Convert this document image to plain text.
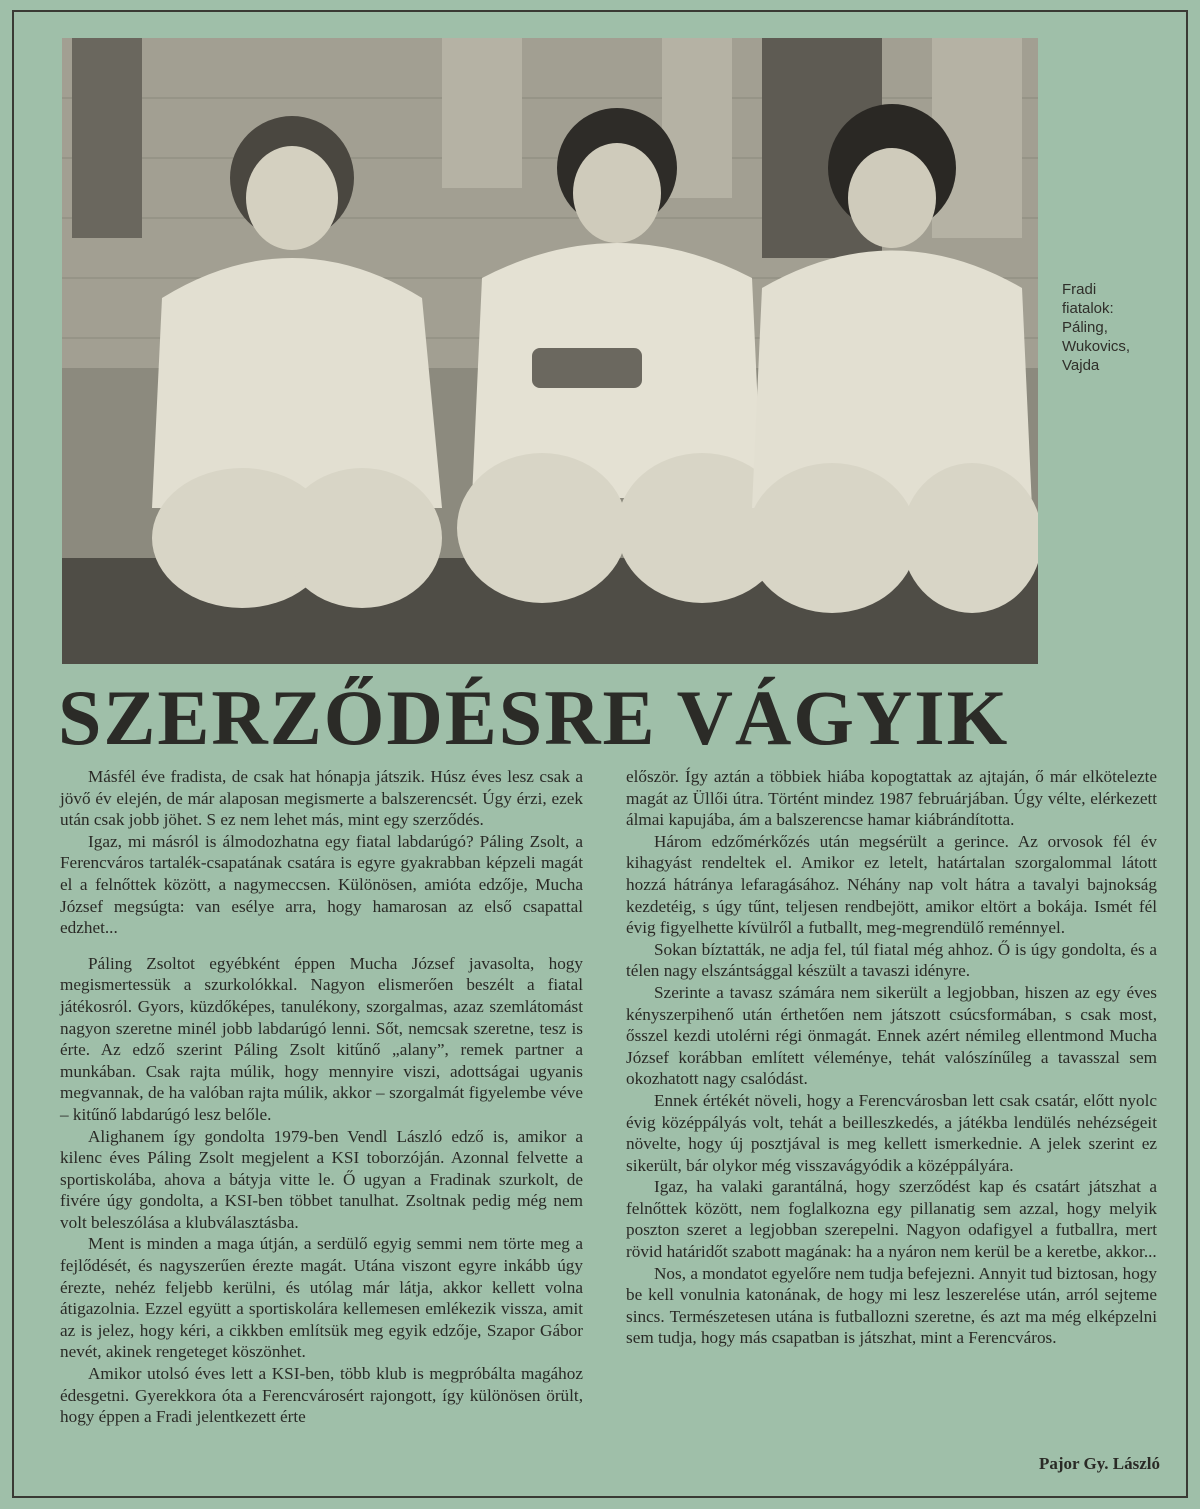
Fradi
fiatalok:
Páling,
Wukovics,
Vajda
SZERZŐDÉSRE VÁGYIK

Másfél éve fradista, de csak hat hónapja játszik. Húsz éves lesz csak a jövő év elején, de már alaposan megismerte a balszerencsét. Úgy érzi, ezek után csak jobb jöhet. S ez nem lehet más, mint egy szerződés.

Igaz, mi másról is álmodozhatna egy fiatal labdarúgó? Páling Zsolt, a Ferencváros tartalék-csapatának csatára is egyre gyakrabban képzeli magát el a felnőttek között, a nagymeccsen. Különösen, amióta edzője, Mucha József megsúgta: van esélye arra, hogy hamarosan az első csapattal edzhet...

Páling Zsoltot egyébként éppen Mucha József javasolta, hogy megismertessük a szurkolókkal. Nagyon elismerően beszélt a fiatal játékosról. Gyors, küzdőképes, tanulékony, szorgalmas, azaz szemlátomást nagyon szeretne minél jobb labdarúgó lenni. Sőt, nemcsak szeretne, tesz is érte. Az edző szerint Páling Zsolt kitűnő „alany”, remek partner a munkában. Csak rajta múlik, hogy mennyire viszi, adottságai ugyanis megvannak, de ha valóban rajta múlik, akkor – szorgalmát figyelembe véve – kitűnő labdarúgó lesz belőle.

Alighanem így gondolta 1979-ben Vendl László edző is, amikor a kilenc éves Páling Zsolt megjelent a KSI toborzóján. Azonnal felvette a sportiskolába, ahova a bátyja vitte le. Ő ugyan a Fradinak szurkolt, de fivére úgy gondolta, a KSI-ben többet tanulhat. Zsoltnak pedig még nem volt beleszólása a klubválasztásba.

Ment is minden a maga útján, a serdülő egyig semmi nem törte meg a fejlődését, és nagyszerűen érezte magát. Utána viszont egyre inkább úgy érezte, nehéz feljebb kerülni, és utólag már látja, akkor kellett volna átigazolnia. Ezzel együtt a sportiskolára kellemesen emlékezik vissza, amit az is jelez, hogy kéri, a cikkben említsük meg egyik edzője, Szapor Gábor nevét, akinek rengeteget köszönhet.

Amikor utolsó éves lett a KSI-ben, több klub is megpróbálta magához édesgetni. Gyerekkora óta a Ferencvárosért rajongott, így különösen örült, hogy éppen a Fradi jelentkezett érte

először. Így aztán a többiek hiába kopogtattak az ajtaján, ő már elkötelezte magát az Üllői útra. Történt mindez 1987 februárjában. Úgy vélte, elérkezett álmai kapujába, ám a balszerencse hamar kiábrándította.

Három edzőmérkőzés után megsérült a gerince. Az orvosok fél év kihagyást rendeltek el. Amikor ez letelt, határtalan szorgalommal látott hozzá hátránya lefaragásához. Néhány nap volt hátra a tavalyi bajnokság kezdetéig, s úgy tűnt, teljesen rendbejött, amikor eltört a bokája. Ismét fél évig figyelhette kívülről a futballt, meg-megrendülő reménnyel.

Sokan bíztatták, ne adja fel, túl fiatal még ahhoz. Ő is úgy gondolta, és a télen nagy elszántsággal készült a tavaszi idényre.

Szerinte a tavasz számára nem sikerült a legjobban, hiszen az egy éves kényszerpihenő után érthetően nem játszott csúcsformában, s csak most, ősszel kezdi utolérni régi önmagát. Ennek azért némileg ellentmond Mucha József korábban említett véleménye, tehát valószínűleg a tavasszal sem okozhatott nagy csalódást.

Ennek értékét növeli, hogy a Ferencvárosban lett csak csatár, előtt nyolc évig középpályás volt, tehát a beilleszkedés, a játékba lendülés nehézségeit növelte, hogy új posztjával is meg kellett ismerkednie. A jelek szerint ez sikerült, bár olykor még visszavágyódik a középpályára.

Igaz, ha valaki garantálná, hogy szerződést kap és csatárt játszhat a felnőttek között, nem foglalkozna egy pillanatig sem azzal, hogy melyik poszton szeret a legjobban szerepelni. Nagyon odafigyel a futballra, mert rövid határidőt szabott magának: ha a nyáron nem kerül be a keretbe, akkor...

Nos, a mondatot egyelőre nem tudja befejezni. Annyit tud biztosan, hogy be kell vonulnia katonának, de hogy mi lesz leszerelése után, arról sejteme sincs. Természetesen utána is futballozni szeretne, és azt ma még elképzelni sem tudja, hogy más csapatban is játszhat, mint a Ferencváros.

Pajor Gy. László
